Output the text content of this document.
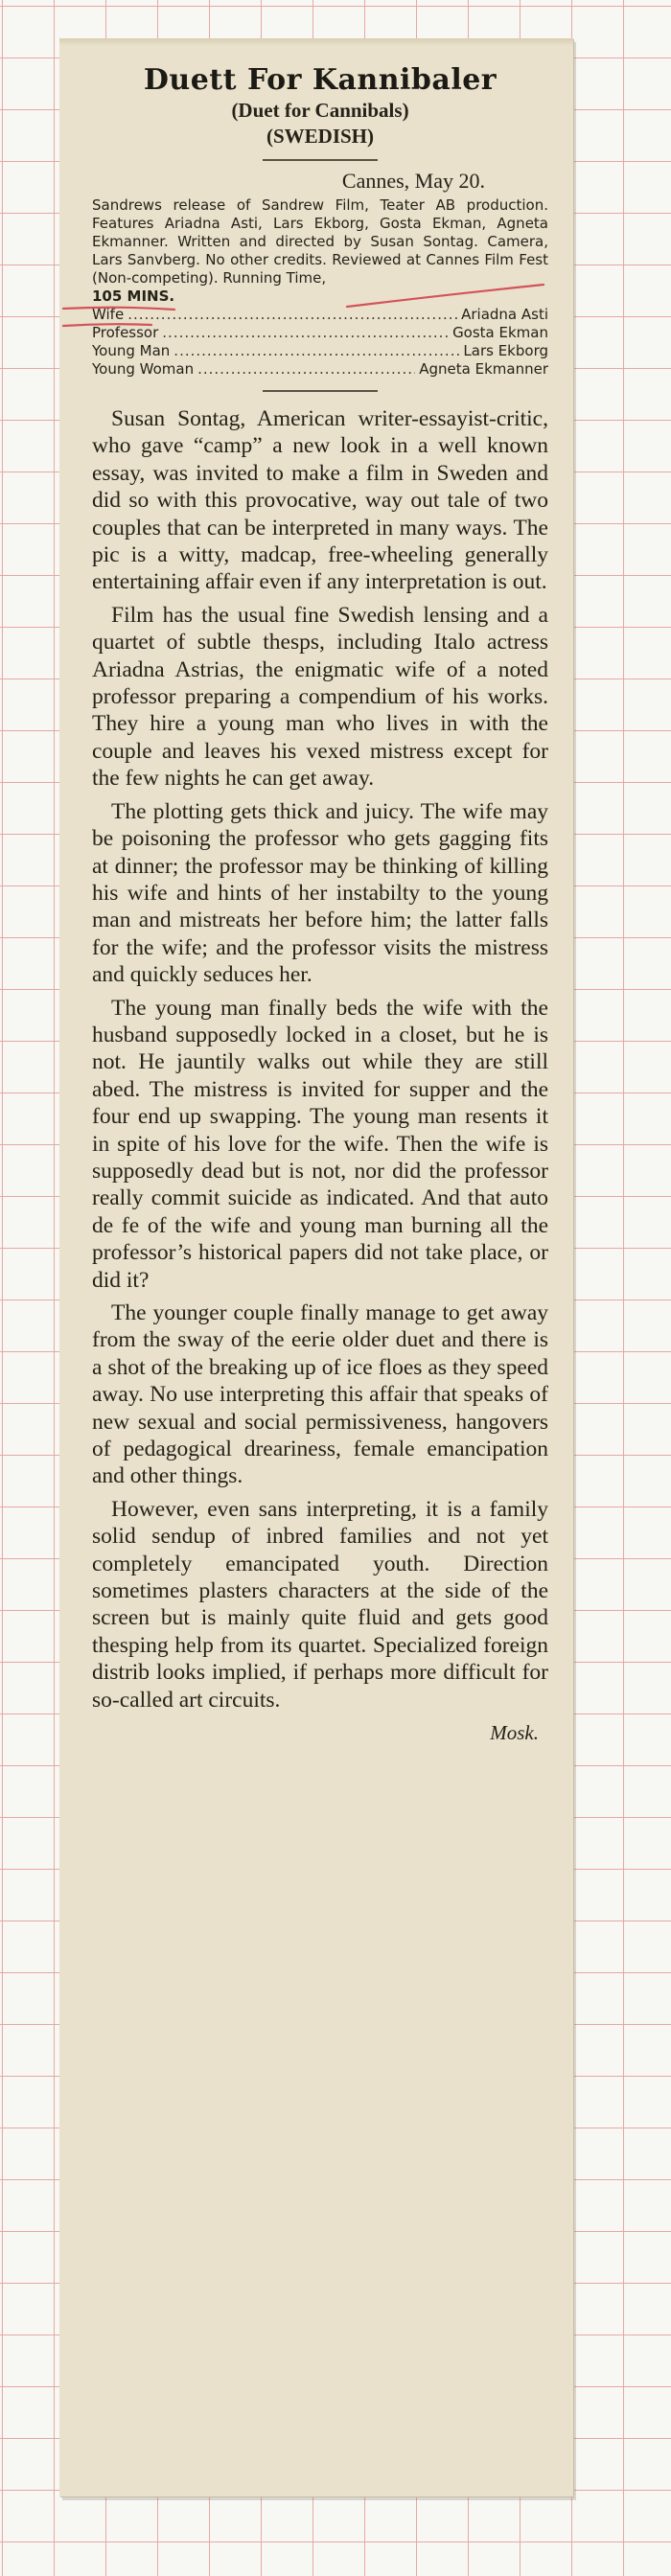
Duett For Kannibaler

(Duet for Cannibals)

(SWEDISH)

Cannes, May 20.

Sandrews release of Sandrew Film, Teater AB production. Features Ariadna Asti, Lars Ekborg, Gosta Ekman, Agneta Ekmanner. Written and directed by Susan Sontag. Camera, Lars Sanvberg. No other credits. Reviewed at Cannes Film Fest (Non-competing). Running Time,

105 MINS.

Wife .....	Ariadna Asti
Professor .....	Gosta Ekman
Young Man .....	Lars Ekborg
Young Woman .....	Agneta Ekmanner

Susan Sontag, American writer-essayist-critic, who gave “camp” a new look in a well known essay, was invited to make a film in Sweden and did so with this provocative, way out tale of two couples that can be interpreted in many ways. The pic is a witty, madcap, free-wheeling generally entertaining affair even if any interpretation is out.

Film has the usual fine Swedish lensing and a quartet of subtle thesps, including Italo actress Ariadna Astrias, the enigmatic wife of a noted professor preparing a compendium of his works. They hire a young man who lives in with the couple and leaves his vexed mistress except for the few nights he can get away.

The plotting gets thick and juicy. The wife may be poisoning the professor who gets gagging fits at dinner; the professor may be thinking of killing his wife and hints of her instabilty to the young man and mistreats her before him; the latter falls for the wife; and the professor visits the mistress and quickly seduces her.

The young man finally beds the wife with the husband supposedly locked in a closet, but he is not. He jauntily walks out while they are still abed. The mistress is invited for supper and the four end up swapping. The young man resents it in spite of his love for the wife. Then the wife is supposedly dead but is not, nor did the professor really commit suicide as indicated. And that auto de fe of the wife and young man burning all the professor’s historical papers did not take place, or did it?

The younger couple finally manage to get away from the sway of the eerie older duet and there is a shot of the breaking up of ice floes as they speed away. No use interpreting this affair that speaks of new sexual and social permissiveness, hangovers of pedagogical dreariness, female emancipation and other things.

However, even sans interpreting, it is a family solid sendup of inbred families and not yet completely emancipated youth. Direction sometimes plasters characters at the side of the screen but is mainly quite fluid and gets good thesping help from its quartet. Specialized foreign distrib looks implied, if perhaps more difficult for so-called art circuits.

Mosk.
